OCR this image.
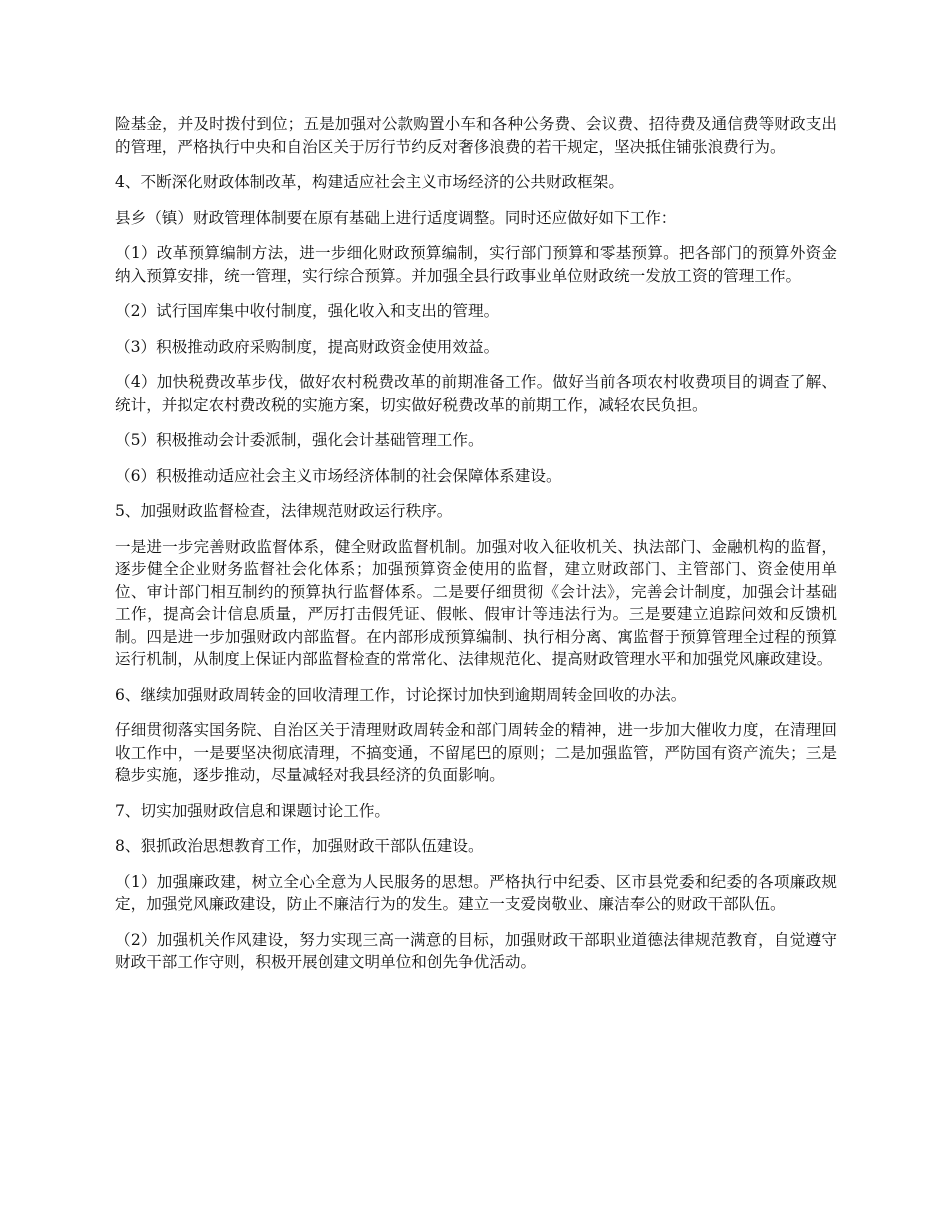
险基金，并及时拨付到位；五是加强对公款购置小车和各种公务费、会议费、招待费及通信费等财政支出的管理，严格执行中央和自治区关于厉行节约反对奢侈浪费的若干规定，坚决抵住铺张浪费行为。

4、不断深化财政体制改革，构建适应社会主义市场经济的公共财政框架。

县乡（镇）财政管理体制要在原有基础上进行适度调整。同时还应做好如下工作：

（1）改革预算编制方法，进一步细化财政预算编制，实行部门预算和零基预算。把各部门的预算外资金纳入预算安排，统一管理，实行综合预算。并加强全县行政事业单位财政统一发放工资的管理工作。

（2）试行国库集中收付制度，强化收入和支出的管理。

（3）积极推动政府采购制度，提高财政资金使用效益。

（4）加快税费改革步伐，做好农村税费改革的前期准备工作。做好当前各项农村收费项目的调查了解、统计，并拟定农村费改税的实施方案，切实做好税费改革的前期工作，减轻农民负担。

（5）积极推动会计委派制，强化会计基础管理工作。

（6）积极推动适应社会主义市场经济体制的社会保障体系建设。

5、加强财政监督检查，法律规范财政运行秩序。

一是进一步完善财政监督体系，健全财政监督机制。加强对收入征收机关、执法部门、金融机构的监督，逐步健全企业财务监督社会化体系；加强预算资金使用的监督，建立财政部门、主管部门、资金使用单位、审计部门相互制约的预算执行监督体系。二是要仔细贯彻《会计法》，完善会计制度，加强会计基础工作，提高会计信息质量，严厉打击假凭证、假帐、假审计等违法行为。三是要建立追踪问效和反馈机制。四是进一步加强财政内部监督。在内部形成预算编制、执行相分离、寓监督于预算管理全过程的预算运行机制，从制度上保证内部监督检查的常常化、法律规范化、提高财政管理水平和加强党风廉政建设。

6、继续加强财政周转金的回收清理工作，讨论探讨加快到逾期周转金回收的办法。

仔细贯彻落实国务院、自治区关于清理财政周转金和部门周转金的精神，进一步加大催收力度，在清理回收工作中，一是要坚决彻底清理，不搞变通，不留尾巴的原则；二是加强监管，严防国有资产流失；三是稳步实施，逐步推动，尽量减轻对我县经济的负面影响。

7、切实加强财政信息和课题讨论工作。

8、狠抓政治思想教育工作，加强财政干部队伍建设。

（1）加强廉政建，树立全心全意为人民服务的思想。严格执行中纪委、区市县党委和纪委的各项廉政规定，加强党风廉政建设，防止不廉洁行为的发生。建立一支爱岗敬业、廉洁奉公的财政干部队伍。

（2）加强机关作风建设，努力实现三高一满意的目标，加强财政干部职业道德法律规范教育，自觉遵守财政干部工作守则，积极开展创建文明单位和创先争优活动。
